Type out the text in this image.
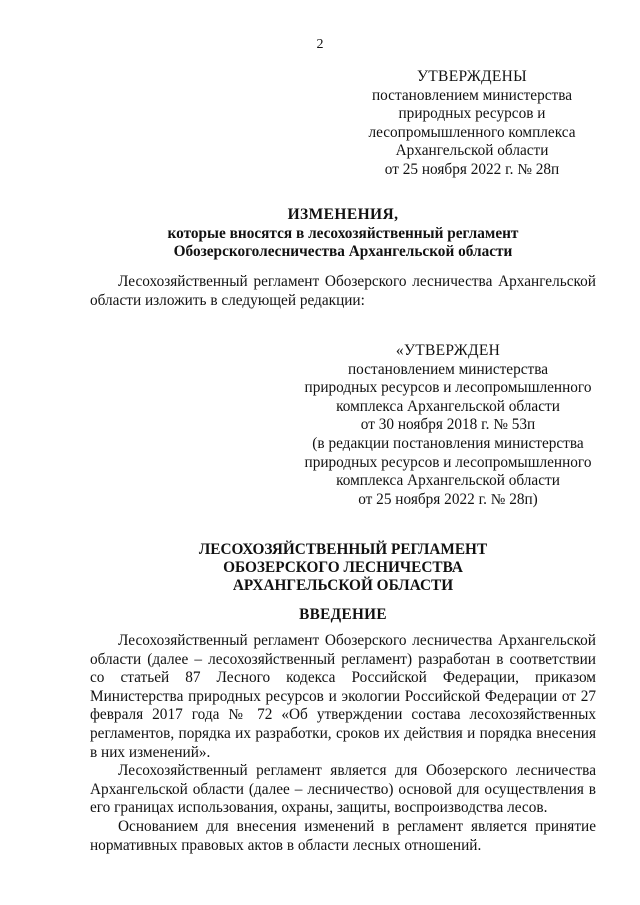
2
УТВЕРЖДЕНЫ
постановлением министерства
природных ресурсов и
лесопромышленного комплекса
Архангельской области
от 25 ноября 2022 г. № 28п
ИЗМЕНЕНИЯ,
которые вносятся в лесохозяйственный регламент
Обозерскоголесничества Архангельской области
Лесохозяйственный регламент Обозерского лесничества Архангельской области изложить в следующей редакции:
«УТВЕРЖДЕН
постановлением министерства
природных ресурсов и лесопромышленного
комплекса Архангельской области
от 30 ноября 2018 г. № 53п
(в редакции постановления министерства
природных ресурсов и лесопромышленного
комплекса Архангельской области
от 25 ноября 2022 г. № 28п)
ЛЕСОХОЗЯЙСТВЕННЫЙ РЕГЛАМЕНТ
ОБОЗЕРСКОГО ЛЕСНИЧЕСТВА
АРХАНГЕЛЬСКОЙ ОБЛАСТИ
ВВЕДЕНИЕ

Лесохозяйственный регламент Обозерского лесничества Архангельской области (далее – лесохозяйственный регламент) разработан в соответствии со статьей 87 Лесного кодекса Российской Федерации, приказом Министерства природных ресурсов и экологии Российской Федерации от 27 февраля 2017 года № 72 «Об утверждении состава лесохозяйственных регламентов, порядка их разработки, сроков их действия и порядка внесения в них изменений».

Лесохозяйственный регламент является для Обозерского лесничества Архангельской области (далее – лесничество) основой для осуществления в его границах использования, охраны, защиты, воспроизводства лесов.

Основанием для внесения изменений в регламент является принятие нормативных правовых актов в области лесных отношений.
